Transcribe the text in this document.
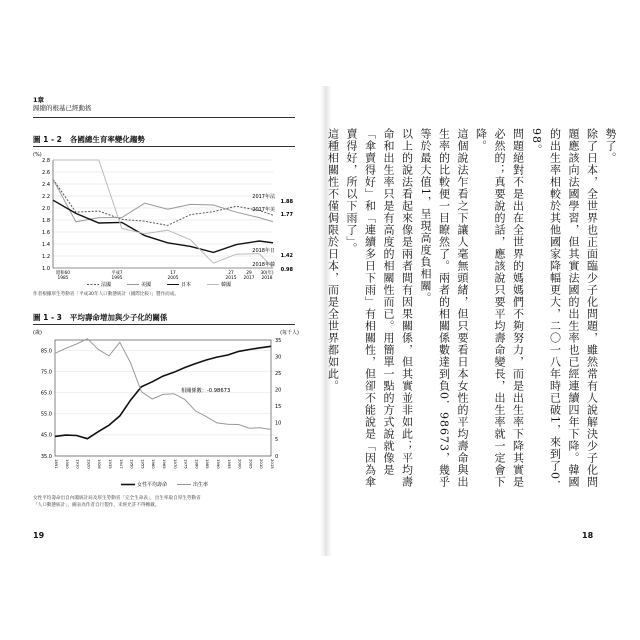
1章
歸縮的根基已經動搖
圖 1 - 2 各國總生育率變化趨勢
(%)
2.8
2.6
2.4
2.2
2.0
1.8
1.6
1.4
1.2
1.0
昭和60 1985
平成7 1995
17 2005
27 2015
29 2017
30(年) 2018
2017年法
1.88
2017年美
1.77
2018年日
1.42
2018年韓
0.98
法國	美國	日本	韓國
作者根據厚生勞動省「平成30年人口動態統計（國際比較）」製作而成。
圖 1 - 3 平均壽命增加與少子化的關係
(歲)	(每千人)
85.0
75.0
65.0
55.0
45.0
35.0
35
30
25
20
15
10
5
0
1891 1900 1910 1920 1926 1935 1947 1950 1955 1960 1965 1970 1975 1980 1985 1990 1995 2000 2005 2010 2015
相關係數：-0.98673
女性平均壽命	出生率
女性平均壽命出自內閣統計局及厚生勞動省「完全生命表」，出生率取自厚生勞動省
「人口動態統計」，圖表為作者自行製作，未經允許不得轉載。
19

勢了。

除了日本，全世界也正面臨少子化問題，雖然常有人說解決少子化問題應該向法國學習，但其實法國的出生率也已經連續四年下降。韓國的出生率相較於其他國家降幅更大，二〇一八年時已破1，來到了0．98。

問題絕對不是出在全世界的媽媽們不夠努力，而是出生率下降其實是必然的；真要說的話，應該說只要平均壽命變長，出生率就一定會下降。

這個說法乍看之下讓人毫無頭緒，但只要看日本女性的平均壽命與出生率的比較便一目瞭然了。兩者的相關係數達到負0．98673，幾乎等於最大值1，呈現高度負相關。

以上的說法看起來像是兩者間有因果關係，但其實並非如此；平均壽命和出生率只是有高度的相關性而已。用簡單一點的方式說就像是「傘賣得好」和「連續多日下雨」有相關性，但卻不能說是「因為傘賣得好，所以下雨了」。

這種相關性不僅侷限於日本，而是全世界都如此。

18
